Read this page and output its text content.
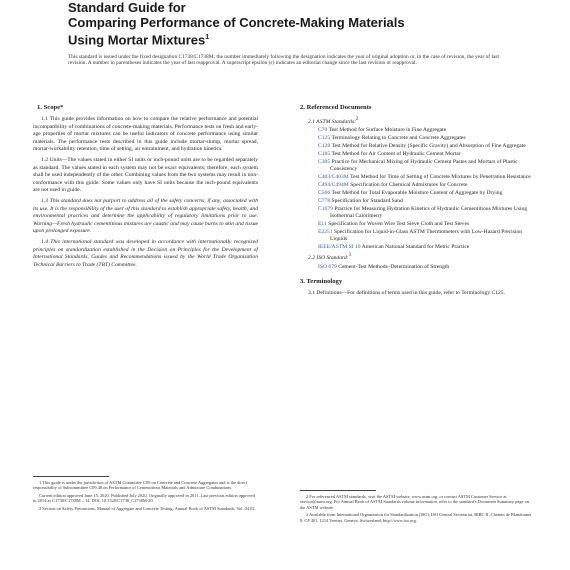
Standard Guide for

Comparing Performance of Concrete-Making Materials

Using Mortar Mixtures$^1$

This standard is issued under the fixed designation C1738/C1738M; the number immediately following the designation indicates the year of original adoption or, in the case of revision, the year of last revision. A number in parentheses indicates the year of last reapproval. A superscript epsilon (ε) indicates an editorial change since the last revision or reapproval.

1. Scope*

1.1 This guide provides information on how to compare the relative performance and potential incompatibility of combinations of concrete-making materials. Performance tests on fresh and early-age properties of mortar mixtures can be useful indicators of concrete performance using similar materials. The performance tests described in this guide include mortar-slump, mortar spread, mortar-workability retention, time of setting, air entrainment, and hydration kinetics.

1.2 Units—The values stated in either SI units or inch-pound units are to be regarded separately as standard. The values stated in each system may not be exact equivalents; therefore, each system shall be used independently of the other. Combining values from the two systems may result in non-conformance with this guide. Some values only have SI units because the inch-pound equivalents are not used in guide.

1.3 This standard does not purport to address all of the safety concerns, if any, associated with its use. It is the responsibility of the user of this standard to establish appropriate safety, health, and environmental practices and determine the applicability of regulatory limitations prior to use. Warning—Fresh hydraulic cementitious mixtures are caustic and may cause burns to skin and tissue upon prolonged exposure.

1.4 This international standard was developed in accordance with internationally recognized principles on standardization established in the Decision on Principles for the Development of International Standards, Guides and Recommendations issued by the World Trade Organization Technical Barriers to Trade (TBT) Committee.

2. Referenced Documents

2.1 ASTM Standards:$^2$
C70 Test Method for Surface Moisture in Fine Aggregate
C125 Terminology Relating to Concrete and Concrete Aggregates
C128 Test Method for Relative Density (Specific Gravity) and Absorption of Fine Aggregate
C185 Test Method for Air Content of Hydraulic Cement Mortar
C305 Practice for Mechanical Mixing of Hydraulic Cement Pastes and Mortars of Plastic Consistency
C403/C403M Test Method for Time of Setting of Concrete Mixtures by Penetration Resistance
C494/C494M Specification for Chemical Admixtures for Concrete
C566 Test Method for Total Evaporable Moisture Content of Aggregate by Drying
C778 Specification for Standard Sand
C1679 Practice for Measuring Hydration Kinetics of Hydraulic Cementitious Mixtures Using Isothermal Calorimetry
E11 Specification for Woven Wire Test Sieve Cloth and Test Sieves
E2251 Specification for Liquid-in-Glass ASTM Thermometers with Low-Hazard Precision Liquids
IEEE/ASTM SI 10 American National Standard for Metric Practice
2.2 ISO Standard:$^3$
ISO 679 Cement-Test Methods–Determination of Strength

3. Terminology

3.1 Definitions—For definitions of terms used in this guide, refer to Terminology C125.

1 This guide is under the jurisdiction of ASTM Committee C09 on Concrete and Concrete Aggregates and is the direct responsibility of Subcommittee C09.48 on Performance of Cementitious Materials and Admixture Combinations.

Current edition approved June 15, 2020. Published July 2020. Originally approved in 2011. Last previous edition approved in 2014 as C1738/C1738M – 14. DOI: 10.1520/C1738_C1738M-20.

2 Section on Safety Precautions, Manual of Aggregate and Concrete Testing, Annual Book of ASTM Standards, Vol. 04.02.

2 For referenced ASTM standards, visit the ASTM website, www.astm.org, or contact ASTM Customer Service at service@astm.org. For Annual Book of ASTM Standards volume information, refer to the standard's Document Summary page on the ASTM website.

3 Available from International Organization for Standardization (ISO), ISO Central Secretariat, BIBC II, Chemin de Blandonnet 8, CP 401, 1214 Vernier, Geneva, Switzerland, http://www.iso.org.
